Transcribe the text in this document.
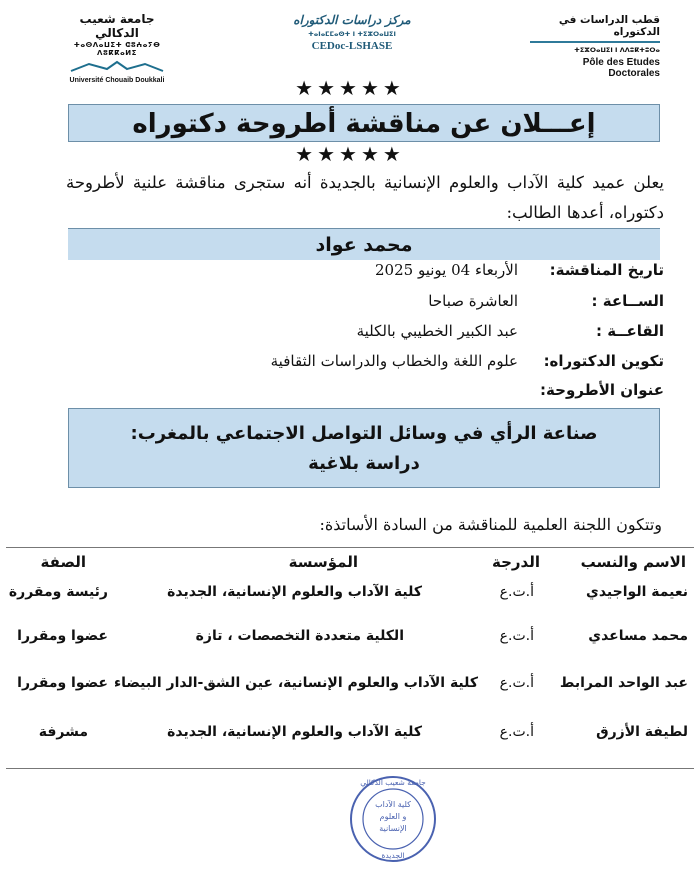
جامعة شعيب الدكالي
ⵜⴰⵙⴷⴰⵡⵉⵜ ⵛⵓⵄⴰⵢⴱ ⴷⵓⴽⴽⴰⵍⵉ
Université Chouaib Doukkali
مركز دراسات الدكتوراه
ⵜⴰⵏⴰⵎⵎⴰⵙⵜ ⵏ ⵜⵉⵣⵔⴰⵡⵉⵏ
CEDoc-LSHASE
قطب الدراسات في الدكتوراه
ⵜⵉⵣⵔⴰⵡⵉⵏ ⵏ ⴷⴷⵓⴽⵜⵓⵔⴰ
Pôle des Etudes Doctorales
★★★★★
إعـــلان عن مناقشة أطروحة دكتوراه
★★★★★
يعلن عميد كلية الآداب والعلوم الإنسانية بالجديدة أنه ستجرى مناقشة علنية لأطروحة دكتوراه، أعدها الطالب:
محمد عواد
تاريخ المناقشة:
الأربعاء 04 يونيو 2025
الســاعة :
العاشرة صباحا
القاعــة :
عبد الكبير الخطيبي بالكلية
تكوين الدكتوراه:
علوم اللغة والخطاب والدراسات الثقافية
عنوان الأطروحة:
صناعة الرأي في وسائل التواصل الاجتماعي بالمغرب:
دراسة بلاغية
وتتكون اللجنة العلمية للمناقشة من السادة الأساتذة:
الاسم والنسب
الدرجة
المؤسسة
الصفة
نعيمة الواجيدي
أ.ت.ع
كلية الآداب والعلوم الإنسانية، الجديدة
رئيسة ومقررة
محمد مساعدي
أ.ت.ع
الكلية متعددة التخصصات ، تازة
عضوا ومقررا
عبد الواحد المرابط
أ.ت.ع
كلية الآداب والعلوم الإنسانية، عين الشق-الدار البيضاء
عضوا ومقررا
لطيفة الأزرق
أ.ت.ع
كلية الآداب والعلوم الإنسانية، الجديدة
مشرفة
جامعة شعيب الدكالي
كلية الآداب
و العلوم
الإنسانية
الجديدة
